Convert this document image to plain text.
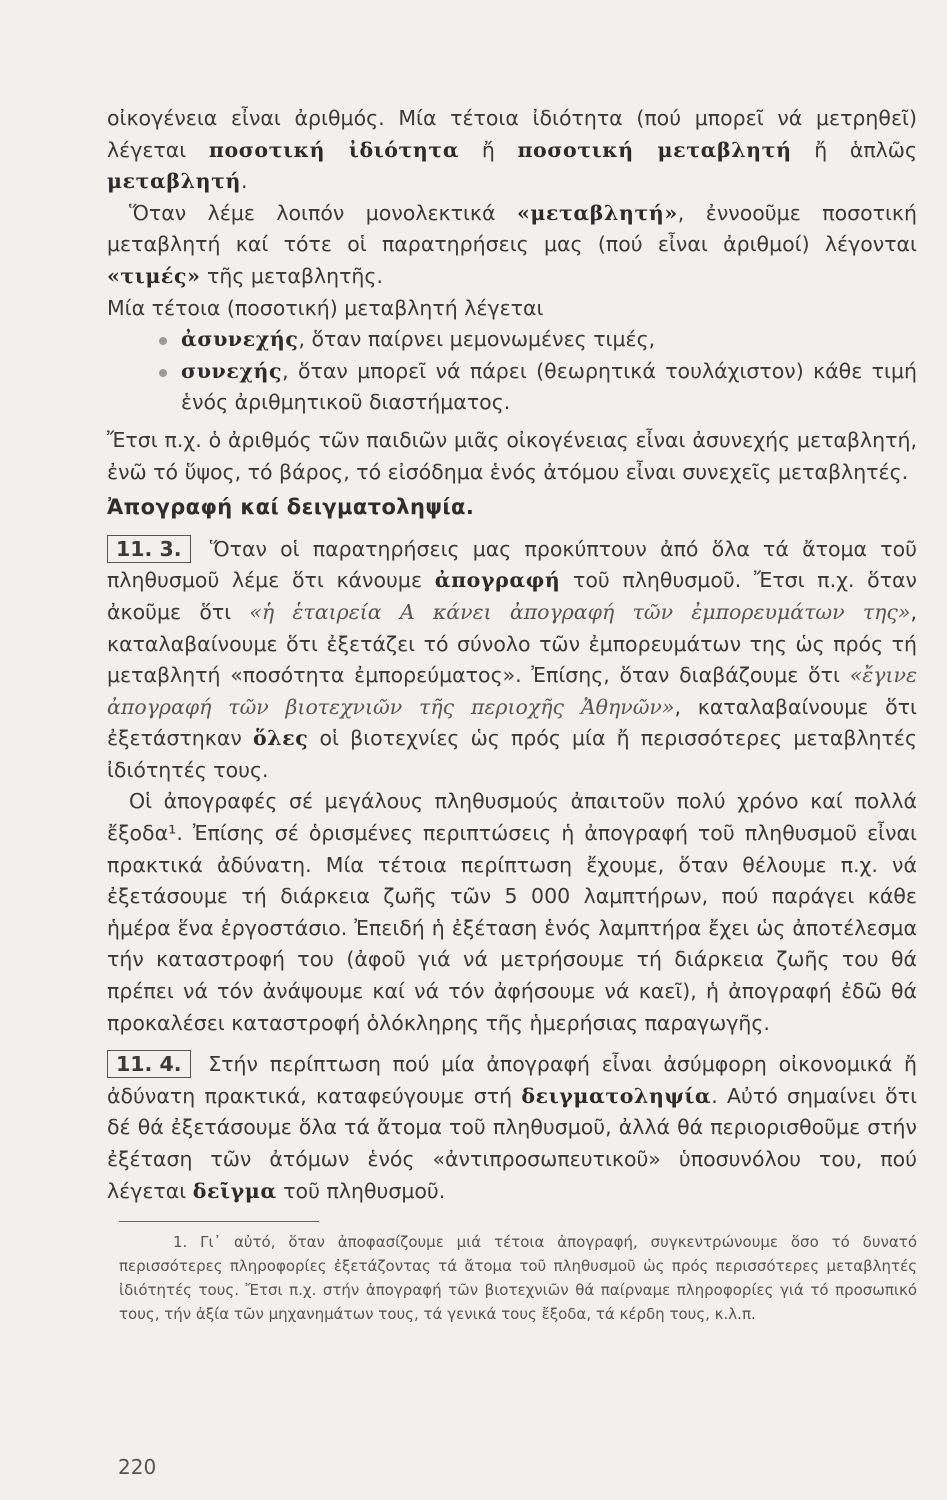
οἰκογένεια εἶναι ἀριθμός. Μία τέτοια ἰδιότητα (πού μπορεῖ νά μετρηθεῖ) λέγεται ποσοτική ἰδιότητα ἤ ποσοτική μεταβλητή ἤ ἁπλῶς μεταβλητή.

Ὅταν λέμε λοιπόν μονολεκτικά «μεταβλητή», ἐννοοῦμε ποσοτική μεταβλητή καί τότε οἱ παρατηρήσεις μας (πού εἶναι ἀριθμοί) λέγονται «τιμές» τῆς μεταβλητῆς.

Μία τέτοια (ποσοτική) μεταβλητή λέγεται

ἀσυνεχής, ὅταν παίρνει μεμονωμένες τιμές,
συνεχής, ὅταν μπορεῖ νά πάρει (θεωρητικά τουλάχιστον) κάθε τιμή ἑνός ἀριθμητικοῦ διαστήματος.

Ἔτσι π.χ. ὁ ἀριθμός τῶν παιδιῶν μιᾶς οἰκογένειας εἶναι ἀσυνεχής μεταβλητή, ἐνῶ τό ὕψος, τό βάρος, τό εἰσόδημα ἑνός ἀτόμου εἶναι συνεχεῖς μεταβλητές.

Ἀπογραφή καί δειγματοληψία.

11. 3. Ὅταν οἱ παρατηρήσεις μας προκύπτουν ἀπό ὅλα τά ἄτομα τοῦ πληθυσμοῦ λέμε ὅτι κάνουμε ἀπογραφή τοῦ πληθυσμοῦ. Ἔτσι π.χ. ὅταν ἀκοῦμε ὅτι «ἡ ἑταιρεία Α κάνει ἀπογραφή τῶν ἐμπορευμάτων της», καταλαβαίνουμε ὅτι ἐξετάζει τό σύνολο τῶν ἐμπορευμάτων της ὡς πρός τή μεταβλητή «ποσότητα ἐμπορεύματος». Ἐπίσης, ὅταν διαβάζουμε ὅτι «ἔγινε ἀπογραφή τῶν βιοτεχνιῶν τῆς περιοχῆς Ἀθηνῶν», καταλαβαίνουμε ὅτι ἐξετάστηκαν ὅλες οἱ βιοτεχνίες ὡς πρός μία ἤ περισσότερες μεταβλητές ἰδιότητές τους.

Οἱ ἀπογραφές σέ μεγάλους πληθυσμούς ἀπαιτοῦν πολύ χρόνο καί πολλά ἔξοδα¹. Ἐπίσης σέ ὁρισμένες περιπτώσεις ἡ ἀπογραφή τοῦ πληθυσμοῦ εἶναι πρακτικά ἀδύνατη. Μία τέτοια περίπτωση ἔχουμε, ὅταν θέλουμε π.χ. νά ἐξετάσουμε τή διάρκεια ζωῆς τῶν 5 000 λαμπτήρων, πού παράγει κάθε ἡμέρα ἕνα ἐργοστάσιο. Ἐπειδή ἡ ἐξέταση ἑνός λαμπτήρα ἔχει ὡς ἀποτέλεσμα τήν καταστροφή του (ἀφοῦ γιά νά μετρήσουμε τή διάρκεια ζωῆς του θά πρέπει νά τόν ἀνάψουμε καί νά τόν ἀφήσουμε νά καεῖ), ἡ ἀπογραφή ἐδῶ θά προκαλέσει καταστροφή ὁλόκληρης τῆς ἡμερήσιας παραγωγῆς.

11. 4. Στήν περίπτωση πού μία ἀπογραφή εἶναι ἀσύμφορη οἰκονομικά ἤ ἀδύνατη πρακτικά, καταφεύγουμε στή δειγματοληψία. Αὐτό σημαίνει ὅτι δέ θά ἐξετάσουμε ὅλα τά ἄτομα τοῦ πληθυσμοῦ, ἀλλά θά περιορισθοῦμε στήν ἐξέταση τῶν ἀτόμων ἑνός «ἀντιπροσωπευτικοῦ» ὑποσυνόλου του, πού λέγεται δεῖγμα τοῦ πληθυσμοῦ.

1. Γι᾽ αὐτό, ὅταν ἀποφασίζουμε μιά τέτοια ἀπογραφή, συγκεντρώνουμε ὅσο τό δυνατό περισσότερες πληροφορίες ἐξετάζοντας τά ἄτομα τοῦ πληθυσμοῦ ὡς πρός περισσότερες μεταβλητές ἰδιότητές τους. Ἔτσι π.χ. στήν ἀπογραφή τῶν βιοτεχνιῶν θά παίρναμε πληροφορίες γιά τό προσωπικό τους, τήν ἀξία τῶν μηχανημάτων τους, τά γενικά τους ἔξοδα, τά κέρδη τους, κ.λ.π.

220
